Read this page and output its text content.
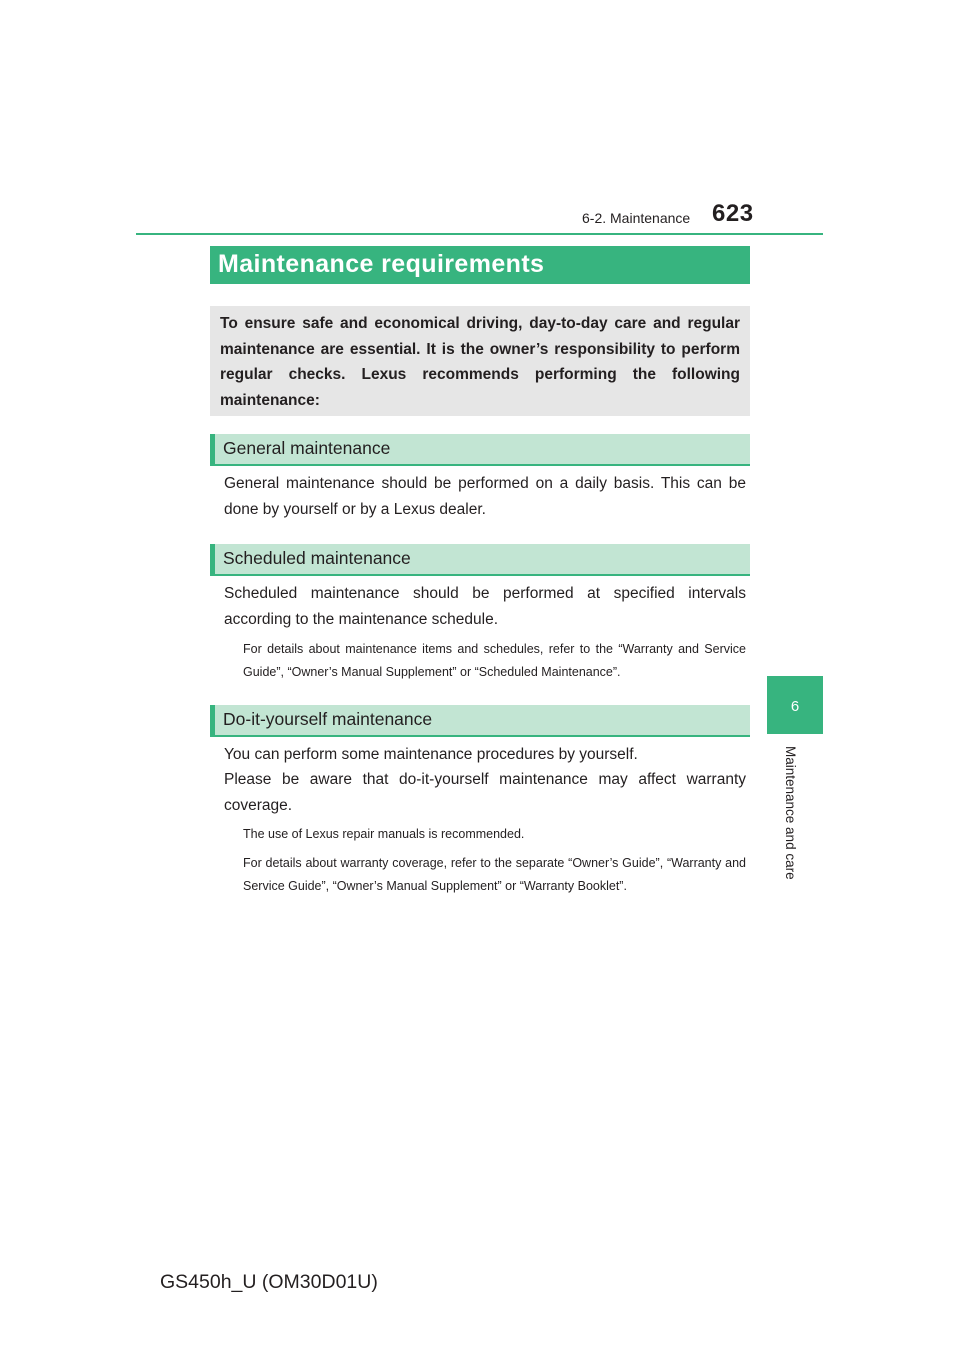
6-2. Maintenance 623
6
Maintenance and care
Maintenance requirements
To ensure safe and economical driving, day-to-day care and regular maintenance are essential. It is the owner’s responsibility to perform regular checks. Lexus recommends performing the following maintenance:
General maintenance
General maintenance should be performed on a daily basis. This can be done by yourself or by a Lexus dealer.
Scheduled maintenance
Scheduled maintenance should be performed at specified intervals according to the maintenance schedule.
For details about maintenance items and schedules, refer to the “Warranty and Service Guide”, “Owner’s Manual Supplement” or “Scheduled Maintenance”.
Do-it-yourself maintenance
You can perform some maintenance procedures by yourself.
Please be aware that do-it-yourself maintenance may affect warranty coverage.
The use of Lexus repair manuals is recommended.
For details about warranty coverage, refer to the separate “Owner’s Guide”, “Warranty and Service Guide”, “Owner’s Manual Supplement” or “Warranty Booklet”.
GS450h_U (OM30D01U)
